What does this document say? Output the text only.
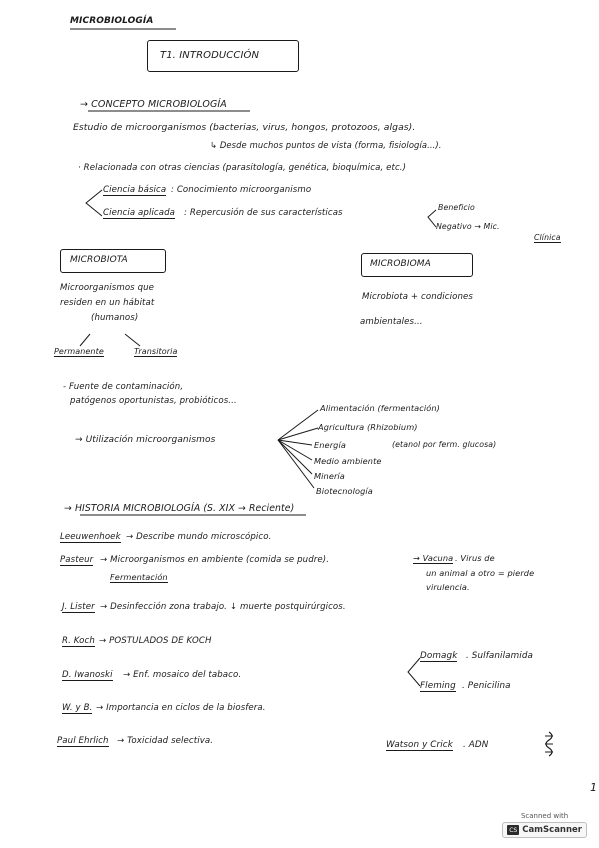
MICROBIOLOGÍA
T1. INTRODUCCIÓN
→ CONCEPTO MICROBIOLOGÍA
Estudio de microorganismos (bacterias, virus, hongos, protozoos, algas).
↳ Desde muchos puntos de vista (forma, fisiología...).
· Relacionada con otras ciencias (parasitología, genética, bioquímica, etc.)
Ciencia básica : Conocimiento microorganismo
Ciencia aplicada : Repercusión de sus características
Beneficio
Negativo → Mic.
Clínica
MICROBIOTA
Microorganismos que
residen en un hábitat
(humanos)
Permanente	Transitoria
MICROBIOMA
Microbiota + condiciones
ambientales...
- Fuente de contaminación,
patógenos oportunistas, probióticos...
→ Utilización microorganismos
Alimentación (fermentación)
Agricultura (Rhizobium)
Energía	(etanol por ferm. glucosa)
Medio ambiente
Minería
Biotecnología
→ HISTORIA MICROBIOLOGÍA (S. XIX → Reciente)
Leeuwenhoek → Describe mundo microscópico.
Pasteur → Microorganismos en ambiente (comida se pudre).
Fermentación
→ Vacuna . Virus de
un animal a otro = pierde
virulencia.
J. Lister → Desinfección zona trabajo. ↓ muerte postquirúrgicos.
R. Koch → POSTULADOS DE KOCH
D. Iwanoski → Enf. mosaico del tabaco.
Domagk . Sulfanilamida
Fleming . Penicilina
W. y B. → Importancia en ciclos de la biosfera.
Paul Ehrlich → Toxicidad selectiva.	Watson y Crick . ADN
1
Scanned with
CS CamScanner
